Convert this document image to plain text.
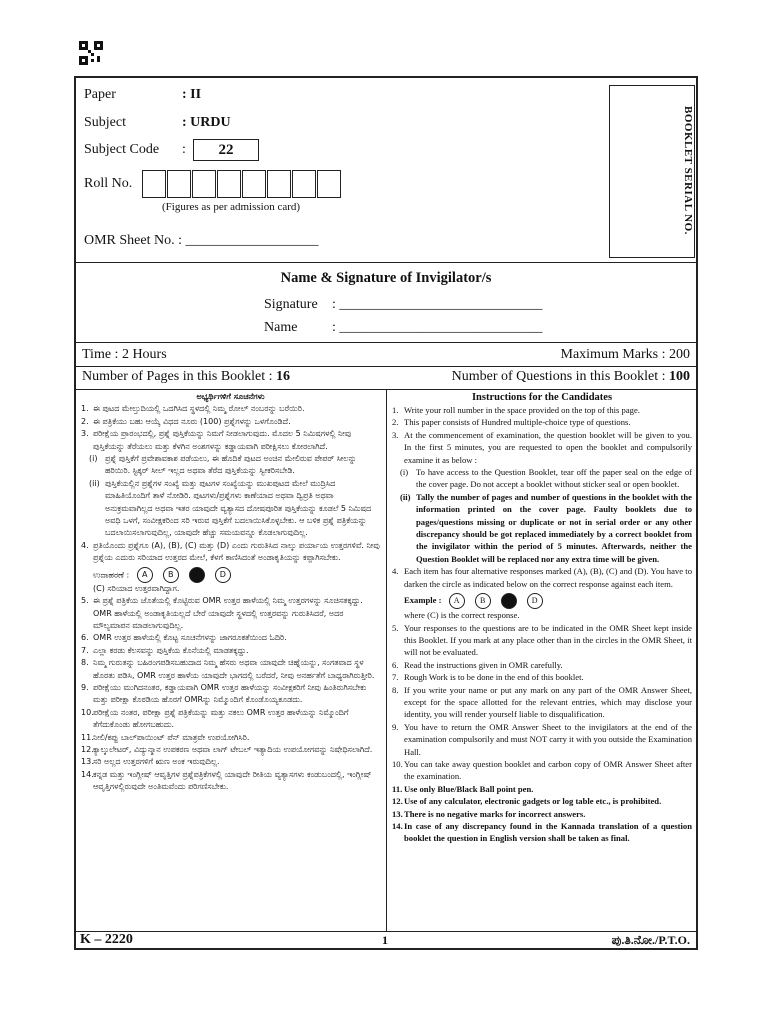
Paper	: II
Subject	: URDU
Subject Code :	22
Roll No.
(Figures as per admission card)
OMR Sheet No. : ___________________
BOOKLET SERIAL NO.
Name & Signature of Invigilator/s
Signature : _____________________________
Name : _____________________________
Time : 2 Hours	Maximum Marks : 200
Number of Pages in this Booklet : 16	Number of Questions in this Booklet : 100
ಅಭ್ಯರ್ಥಿಗಳಿಗೆ ಸೂಚನೆಗಳು
1. ಈ ಪುಟದ ಮೇಲ್ತುದಿಯಲ್ಲಿ ಒದಗಿಸಿದ ಸ್ಥಳದಲ್ಲಿ ನಿಮ್ಮ ರೋಲ್ ನಂಬರನ್ನು ಬರೆಯಿರಿ.
2. ಈ ಪತ್ರಿಕೆಯು ಬಹು ಆಯ್ಕೆ ವಿಧದ ನೂರು (100) ಪ್ರಶ್ನೆಗಳನ್ನು ಒಳಗೊಂಡಿದೆ.
3. ಪರೀಕ್ಷೆಯ ಪ್ರಾರಂಭದಲ್ಲಿ, ಪ್ರಶ್ನೆ ಪುಸ್ತಿಕೆಯನ್ನು ನಿಮಗೆ ನೀಡಲಾಗುವುದು. ಮೊದಲ 5 ನಿಮಿಷಗಳಲ್ಲಿ ನೀವು ಪುಸ್ತಿಕೆಯನ್ನು ತೆರೆಯಲು ಮತ್ತು ಕೆಳಗಿನ ಅಂಶಗಳನ್ನು ಕಡ್ಡಾಯವಾಗಿ ಪರೀಕ್ಷಿಸಲು ಕೋರಲಾಗಿದೆ.
(i) ಪ್ರಶ್ನೆ ಪುಸ್ತಿಕೆಗೆ ಪ್ರವೇಶಾವಕಾಶ ಪಡೆಯಲು, ಈ ಹೊದಿಕೆ ಪುಟದ ಅಂಚಿನ ಮೇಲಿರುವ ಪೇಪರ್ ಸೀಲನ್ನು ಹರಿಯಿರಿ. ಸ್ಟಿಕ್ಕರ್ ಸೀಲ್ ಇಲ್ಲದ ಅಥವಾ ತೆರೆದ ಪುಸ್ತಿಕೆಯನ್ನು ಸ್ವೀಕರಿಸಬೇಡಿ.
(ii) ಪುಸ್ತಿಕೆಯಲ್ಲಿನ ಪ್ರಶ್ನೆಗಳ ಸಂಖ್ಯೆ ಮತ್ತು ಪುಟಗಳ ಸಂಖ್ಯೆಯನ್ನು ಮುಖಪುಟದ ಮೇಲೆ ಮುದ್ರಿಸಿದ ಮಾಹಿತಿಯೊಂದಿಗೆ ತಾಳೆ ನೋಡಿರಿ. ಪುಟಗಳು/ಪ್ರಶ್ನೆಗಳು ಕಾಣೆಯಾದ ಅಥವಾ ದ್ವಿಪ್ರತಿ ಅಥವಾ ಅನುಕ್ರಮವಾಗಿಲ್ಲದ ಅಥವಾ ಇತರ ಯಾವುದೇ ವ್ಯತ್ಯಾಸದ ದೋಷಪೂರಿತ ಪುಸ್ತಿಕೆಯನ್ನು ಕೂಡಲೆ 5 ನಿಮಿಷದ ಅವಧಿ ಒಳಗೆ, ಸಂವೀಕ್ಷಕರಿಂದ ಸರಿ ಇರುವ ಪುಸ್ತಿಕೆಗೆ ಬದಲಾಯಿಸಿಕೊಳ್ಳಬೇಕು. ಆ ಬಳಿಕ ಪ್ರಶ್ನೆ ಪತ್ರಿಕೆಯನ್ನು ಬದಲಾಯಿಸಲಾಗುವುದಿಲ್ಲ, ಯಾವುದೇ ಹೆಚ್ಚು ಸಮಯವನ್ನೂ ಕೊಡಲಾಗುವುದಿಲ್ಲ.
4. ಪ್ರತಿಯೊಂದು ಪ್ರಶ್ನೆಗೂ (A), (B), (C) ಮತ್ತು (D) ಎಂದು ಗುರುತಿಸಿದ ನಾಲ್ಕು ಪರ್ಯಾಯ ಉತ್ತರಗಳಿವೆ. ನೀವು ಪ್ರಶ್ನೆಯ ಎದುರು ಸರಿಯಾದ ಉತ್ತರದ ಮೇಲೆ, ಕೆಳಗೆ ಕಾಣಿಸಿದಂತೆ ಅಂಡಾಕೃತಿಯನ್ನು ಕಪ್ಪಾಗಿಸಬೇಕು.
ಉದಾಹರಣೆ : A	B	D
(C) ಸರಿಯಾದ ಉತ್ತರವಾಗಿದ್ದಾಗ.
5. ಈ ಪ್ರಶ್ನೆ ಪತ್ರಿಕೆಯ ಜೊತೆಯಲ್ಲಿ ಕೊಟ್ಟಿರುವ OMR ಉತ್ತರ ಹಾಳೆಯಲ್ಲಿ ನಿಮ್ಮ ಉತ್ತರಗಳನ್ನು ಸೂಚಿಸತಕ್ಕದ್ದು. OMR ಹಾಳೆಯಲ್ಲಿ ಅಂಡಾಕೃತಿಯಲ್ಲದೆ ಬೇರೆ ಯಾವುದೇ ಸ್ಥಳದಲ್ಲಿ ಉತ್ತರವನ್ನು ಗುರುತಿಸಿದರೆ, ಅದರ ಮೌಲ್ಯಮಾಪನ ಮಾಡಲಾಗುವುದಿಲ್ಲ.
6. OMR ಉತ್ತರ ಹಾಳೆಯಲ್ಲಿ ಕೊಟ್ಟ ಸೂಚನೆಗಳನ್ನು ಜಾಗರೂಕತೆಯಿಂದ ಓದಿರಿ.
7. ಎಲ್ಲಾ ಕರಡು ಕೆಲಸವನ್ನು ಪುಸ್ತಿಕೆಯ ಕೊನೆಯಲ್ಲಿ ಮಾಡತಕ್ಕದ್ದು.
8. ನಿಮ್ಮ ಗುರುತನ್ನು ಬಹಿರಂಗಪಡಿಸಬಹುದಾದ ನಿಮ್ಮ ಹೆಸರು ಅಥವಾ ಯಾವುದೇ ಚಿಹ್ನೆಯನ್ನು, ಸಂಗತವಾದ ಸ್ಥಳ ಹೊರತು ಪಡಿಸಿ, OMR ಉತ್ತರ ಹಾಳೆಯ ಯಾವುದೇ ಭಾಗದಲ್ಲಿ ಬರೆದರೆ, ನೀವು ಅನರ್ಹತೆಗೆ ಬಾಧ್ಯರಾಗಿರುತ್ತೀರಿ.
9. ಪರೀಕ್ಷೆಯು ಮುಗಿದನಂತರ, ಕಡ್ಡಾಯವಾಗಿ OMR ಉತ್ತರ ಹಾಳೆಯನ್ನು ಸಂವೀಕ್ಷಕರಿಗೆ ನೀವು ಹಿಂತಿರುಗಿಸಬೇಕು ಮತ್ತು ಪರೀಕ್ಷಾ ಕೊಠಡಿಯ ಹೊರಗೆ OMRನ್ನು ನಿಮ್ಮೊಂದಿಗೆ ಕೊಂಡೊಯ್ಯಕೂಡದು.
10. ಪರೀಕ್ಷೆಯ ನಂತರ, ಪರೀಕ್ಷಾ ಪ್ರಶ್ನೆ ಪತ್ರಿಕೆಯನ್ನು ಮತ್ತು ನಕಲು OMR ಉತ್ತರ ಹಾಳೆಯನ್ನು ನಿಮ್ಮೊಂದಿಗೆ ತೆಗೆದುಕೊಂಡು ಹೋಗಬಹುದು.
11. ನೀಲಿ/ಕಪ್ಪು ಬಾಲ್‌ಪಾಯಿಂಟ್ ಪೆನ್ ಮಾತ್ರವೇ ಉಪಯೋಗಿಸಿರಿ.
12. ಕ್ಯಾಲ್ಕುಲೇಟರ್, ವಿದ್ಯುನ್ಮಾನ ಉಪಕರಣ ಅಥವಾ ಲಾಗ್ ಟೇಬಲ್ ಇತ್ಯಾದಿಯ ಉಪಯೋಗವನ್ನು ನಿಷೇಧಿಸಲಾಗಿದೆ.
13. ಸರಿ ಅಲ್ಲದ ಉತ್ತರಗಳಿಗೆ ಋಣ ಅಂಕ ಇರುವುದಿಲ್ಲ.
14. ಕನ್ನಡ ಮತ್ತು ಇಂಗ್ಲೀಷ್ ಆವೃತ್ತಿಗಳ ಪ್ರಶ್ನೆಪತ್ರಿಕೆಗಳಲ್ಲಿ ಯಾವುದೇ ರೀತಿಯ ವ್ಯತ್ಯಾಸಗಳು ಕಂಡುಬಂದಲ್ಲಿ, ಇಂಗ್ಲೀಷ್ ಆವೃತ್ತಿಗಳಲ್ಲಿರುವುದೇ ಅಂತಿಮವೆಂದು ಪರಿಗಣಿಸಬೇಕು.
Instructions for the Candidates
1. Write your roll number in the space provided on the top of this page.
2. This paper consists of Hundred multiple-choice type of questions.
3. At the commencement of examination, the question booklet will be given to you. In the first 5 minutes, you are requested to open the booklet and compulsorily examine it as below :
(i) To have access to the Question Booklet, tear off the paper seal on the edge of the cover page. Do not accept a booklet without sticker seal or open booklet.
(ii) Tally the number of pages and number of questions in the booklet with the information printed on the cover page. Faulty booklets due to pages/questions missing or duplicate or not in serial order or any other discrepancy should be got replaced immediately by a correct booklet from the invigilator within the period of 5 minutes. Afterwards, neither the Question Booklet will be replaced nor any extra time will be given.
4. Each item has four alternative responses marked (A), (B), (C) and (D). You have to darken the circle as indicated below on the correct response against each item.
Example : A	B	D
where (C) is the correct response.
5. Your responses to the questions are to be indicated in the OMR Sheet kept inside this Booklet. If you mark at any place other than in the circles in the OMR Sheet, it will not be evaluated.
6. Read the instructions given in OMR carefully.
7. Rough Work is to be done in the end of this booklet.
8. If you write your name or put any mark on any part of the OMR Answer Sheet, except for the space allotted for the relevant entries, which may disclose your identity, you will render yourself liable to disqualification.
9. You have to return the OMR Answer Sheet to the invigilators at the end of the examination compulsorily and must NOT carry it with you outside the Examination Hall.
10. You can take away question booklet and carbon copy of OMR Answer Sheet after the examination.
11. Use only Blue/Black Ball point pen.
12. Use of any calculator, electronic gadgets or log table etc., is prohibited.
13. There is no negative marks for incorrect answers.
14. In case of any discrepancy found in the Kannada translation of a question booklet the question in English version shall be taken as final.
K – 2220	1	ಪು.ತಿ.ನೋ./P.T.O.
